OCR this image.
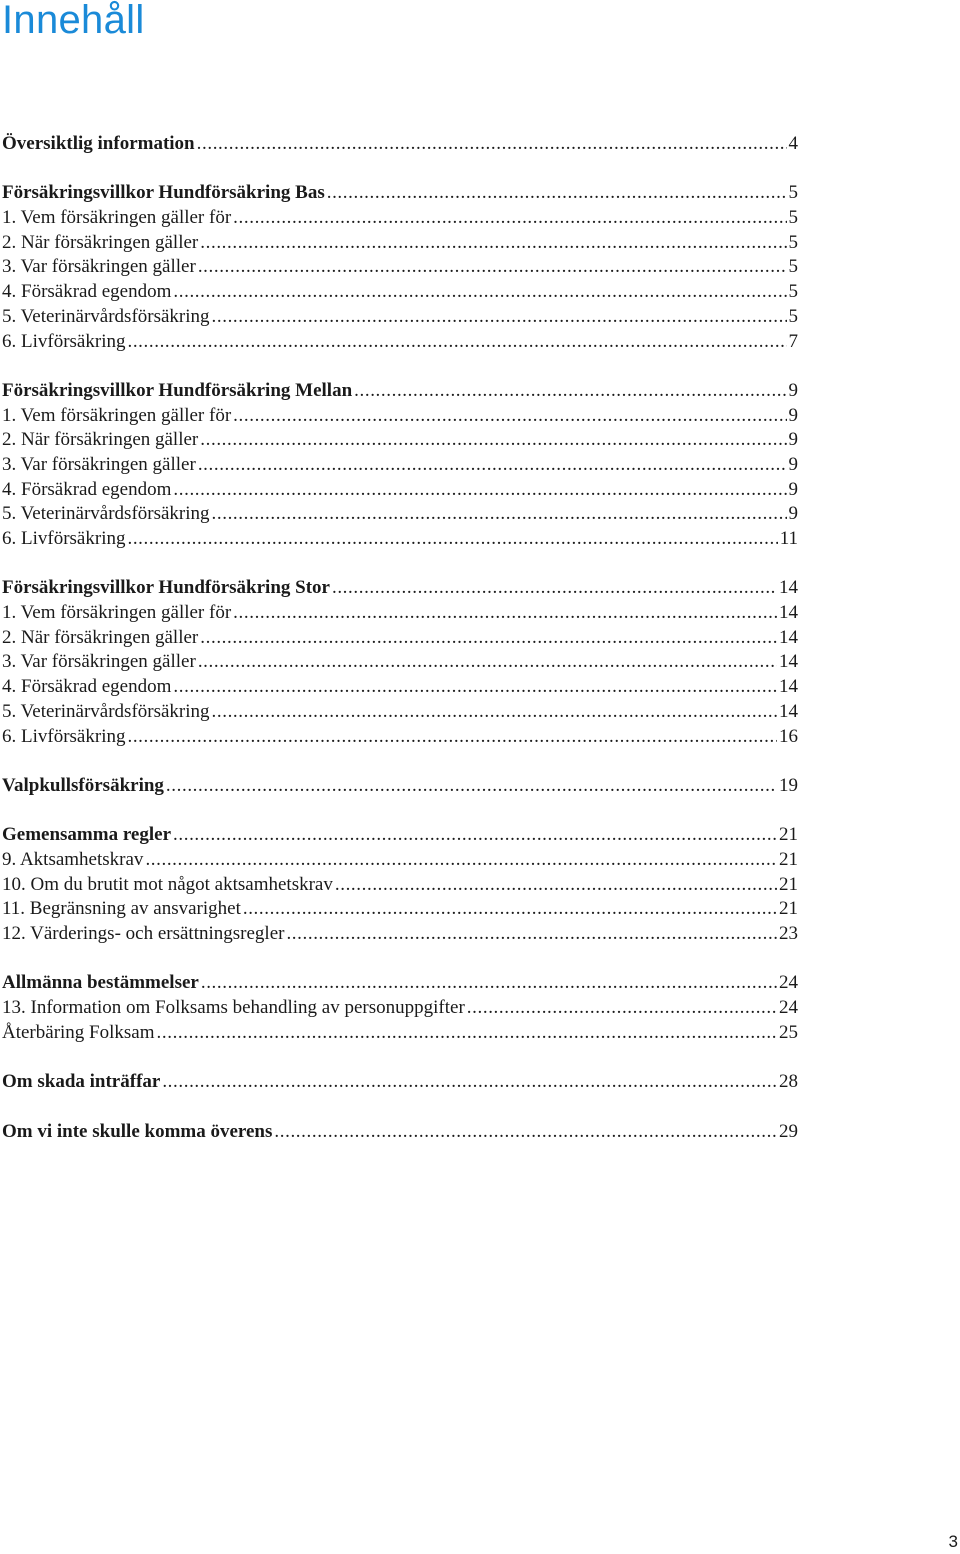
Innehåll
Översiktlig information .....	4
Försäkringsvillkor Hundförsäkring Bas .....	5
1. Vem försäkringen gäller för .....	5
2. När försäkringen gäller .....	5
3. Var försäkringen gäller .....	5
4. Försäkrad egendom .....	5
5. Veterinärvårdsförsäkring .....	5
6. Livförsäkring .....	7
Försäkringsvillkor Hundförsäkring Mellan .....	9
1. Vem försäkringen gäller för .....	9
2. När försäkringen gäller .....	9
3. Var försäkringen gäller .....	9
4. Försäkrad egendom .....	9
5. Veterinärvårdsförsäkring .....	9
6. Livförsäkring .....	11
Försäkringsvillkor Hundförsäkring Stor .....	14
1. Vem försäkringen gäller för .....	14
2. När försäkringen gäller .....	14
3. Var försäkringen gäller .....	14
4. Försäkrad egendom .....	14
5. Veterinärvårdsförsäkring .....	14
6. Livförsäkring .....	16
Valpkullsförsäkring .....	19
Gemensamma regler .....	21
9. Aktsamhetskrav .....	21
10. Om du brutit mot något aktsamhetskrav .....	21
11. Begränsning av ansvarighet .....	21
12. Värderings- och ersättningsregler .....	23
Allmänna bestämmelser .....	24
13. Information om Folksams behandling av personuppgifter .....	24
Återbäring Folksam .....	25
Om skada inträffar .....	28
Om vi inte skulle komma överens .....	29
3
